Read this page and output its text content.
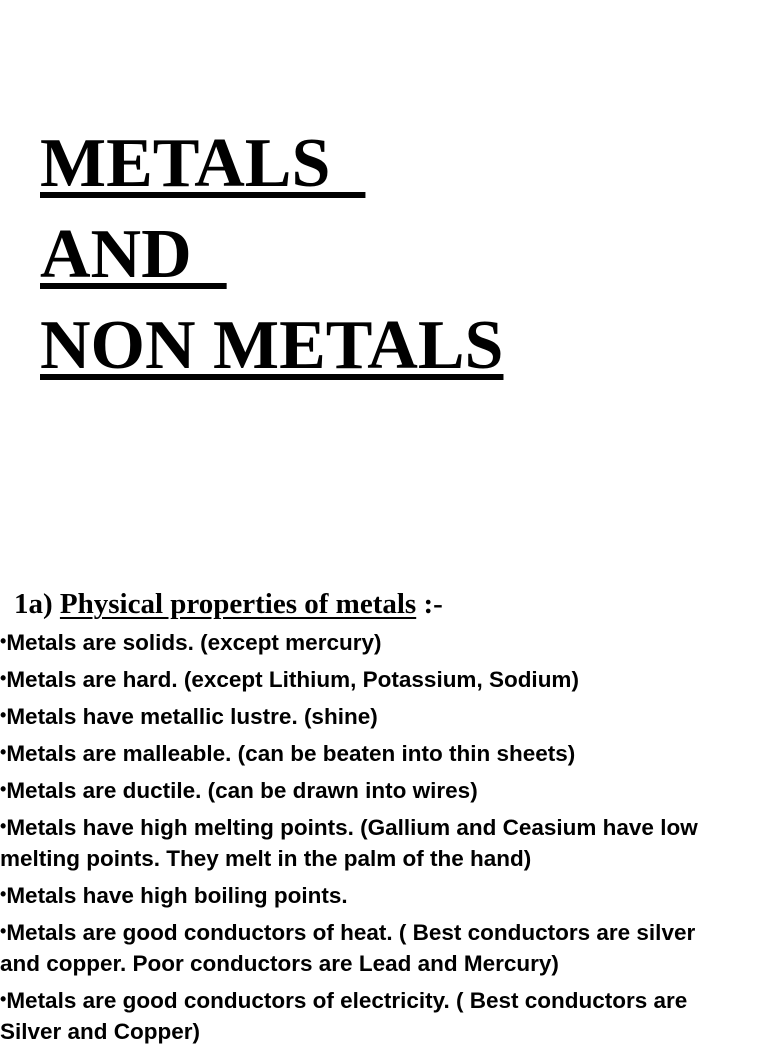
METALS
AND
NON METALS
1a) Physical properties of metals :-
•Metals are solids. (except mercury)
•Metals are hard. (except Lithium, Potassium, Sodium)
•Metals have metallic lustre. (shine)
•Metals are malleable. (can be beaten into thin sheets)
•Metals are ductile. (can be drawn into wires)
•Metals have high melting points. (Gallium and Ceasium have low melting points. They melt in the palm of the hand)
•Metals have high boiling points.
•Metals are good conductors of heat. ( Best conductors are silver and copper. Poor conductors are Lead and Mercury)
•Metals are good conductors of electricity. ( Best conductors are Silver and Copper)
